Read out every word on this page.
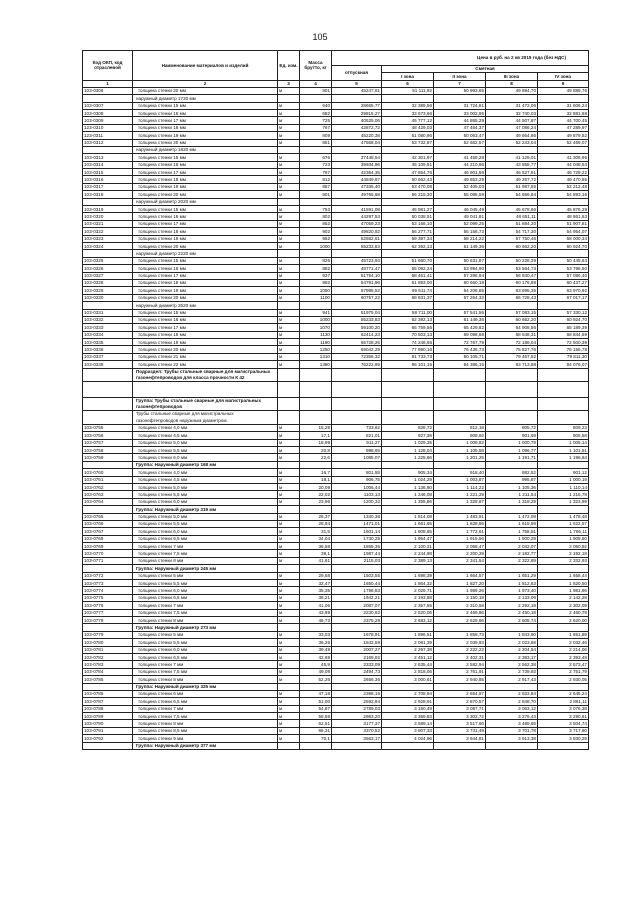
105
Код ОКП, код отраслевой	Наименование материалов и изделий	Ед. изм.	Масса брутто, кг	Цена в руб. на 2 кв 2015 года (без НДС)				
				отпускная	Сметная			
					I зона	II зона	III зона	IV зона
1	2	3	4	5	6	7	8	9
103-0306	толщина стенки 20 мм	м	801	45247,61	51 111,92	50 993,85	49 894,70	49 889,76
	наружный диаметр 1720 мм							
103-0307	толщина стенки 15 мм	м	640	28665,77	32 389,56	31 724,81	31 472,06	31 606,24
103-0308	толщина стенки 16 мм	м	682	29815,27	33 673,66	33 002,95	32 740,03	32 881,68
103-0309	толщина стенки 17 мм	м	725	40525,06	45 777,12	44 865,29	44 507,87	44 700,45
123-0310	толщина стенки 18 мм	м	767	42872,72	48 429,03	47 464,37	47 086,24	47 289,97
123-0311	толщина стенки 19 мм	м	809	45220,38	51 080,96	50 063,47	49 664,66	49 879,52
103-0312	толщина стенки 20 мм	м	851	47568,04	53 732,87	52 662,57	52 243,04	52 469,07
	наружный диаметр 1820 мм							
103-0313	толщина стенки 15 мм	м	676	37448,54	42 301,97	41 459,28	41 129,01	41 306,95
103-0314	толщина стенки 16 мм	м	723	39934,96	45 109,51	44 210,86	43 858,77	44 048,54
103-0315	толщина стенки 17 мм	м	767	42364,35	47 854,76	46 901,56	46 527,91	46 729,22
103-0316	толщина стенки 18 мм	м	812	44849,67	50 662,43	49 653,29	49 257,72	49 470,85
103-0317	толщина стенки 19 мм	м	857	47335,40	53 470,08	52 405,03	51 987,55	52 212,48
103-0318	толщина стенки 20 мм	м	901	49765,68	56 215,30	55 095,59	54 656,64	54 893,16
	наружный диаметр 2020 мм							
103-0319	толщина стенки 15 мм	м	753	41591,08	46 981,27	46 045,49	45 678,66	45 876,29
103-0320	толщина стенки 16 мм	м	802	44297,53	50 038,51	49 041,81	48 651,11	48 861,63
103-0321	толщина стенки 17 мм	м	852	47059,23	53 158,10	52 099,25	51 684,20	51 907,81
103-0322	толщина стенки 18 мм	м	902	49820,92	56 277,71	55 156,73	54 717,30	54 954,07
103-0323	толщина стенки 19 мм	м	952	52582,61	59 397,34	58 214,22	57 750,46	58 000,34
103-0324	толщина стенки 20 мм	м	1000	55233,83	62 392,13	61 149,36	60 662,20	60 924,70
	наружный диаметр 2220 мм							
103-0325	толщина стенки 15 мм	м	826	45723,93	51 660,70	50 631,87	50 228,29	50 445,64
103-0326	толщина стенки 16 мм	м	882	48771,47	55 092,24	53 994,90	53 564,73	53 796,50
103-0327	толщина стенки 17 мм	м	937	51754,10	58 461,41	57 296,94	56 840,47	57 086,40
103-0328	толщина стенки 18 мм	м	992	54791,96	61 893,00	60 660,18	60 176,89	60 437,27
103-0329	толщина стенки 19 мм	м	1050	57995,52	65 511,74	64 206,85	63 695,35	63 970,92
103-0330	толщина стенки 20 мм	м	1100	60757,22	68 631,37	67 264,32	66 728,43	67 017,17
	наружный диаметр 2520 мм							
103-0331	толщина стенки 15 мм	м	941	51975,04	58 711,00	57 541,56	57 083,15	57 330,12
103-0332	толщина стенки 16 мм	м	1000	55233,83	62 392,13	61 149,36	60 662,20	60 924,70
103-0333	толщина стенки 17 мм	м	1070	59100,20	66 759,56	65 429,82	64 908,56	65 189,39
103-0334	толщина стенки 18 мм	м	1130	62414,23	70 503,13	69 098,68	68 548,31	68 844,59
103-0335	толщина стенки 19 мм	м	1190	65728,26	74 246,65	72 767,79	72 188,04	72 500,39
103-0336	толщина стенки 20 мм	м	1250	69042,29	77 990,16	76 436,73	75 827,76	76 155,78
103-0337	толщина стенки 21 мм	м	1310	72356,32	81 733,73	80 105,71	79 467,52	79 811,30
103-0338	толщина стенки 22 мм	м	1380	76222,69	86 101,15	84 386,15	83 713,88	84 076,07
	Подраздел: Трубы стальные сварные для магистральных газонефтепроводов для класса прочности К 42							

	Группа: Трубы стальные сварные для магистральных газонефтепроводов							
	Трубы стальные сварные для магистральных газонефтепроводов наружным диаметром.							
103-0755	толщина стенки 4,0 мм	м	15,28	733,62	828,72	812,18	805,72	809,23
103-0756	толщина стенки 4,5 мм	м	17,1	821,01	927,38	908,92	901,69	905,58
103-0757	толщина стенки 5,0 мм	м	18,99	911,27	1 029,35	1 008,82	1 000,79	1 005,14
103-0758	толщина стенки 5,5 мм	м	20,8	998,65	1 128,04	1 105,58	1 096,77	1 101,51
103-0759	толщина стенки 6,0 мм	м	22,6	1085,07	1 225,66	1 201,25	1 191,71	1 196,84
	Группа: Наружный диаметр 168 мм							
103-0760	толщина стенки 4,0 мм	м	16,7	801,58	905,34	918,40	882,52	901,12
103-0761	толщина стенки 4,5 мм	м	18,1	906,75	1 024,29	1 003,87	995,87	1 000,19
103-0762	толщина стенки 5,0 мм	м	20,09	1006,44	1 136,90	1 114,22	1 105,36	1 110,14
103-0763	толщина стенки 5,5 мм	м	22,02	1103,13	1 246,08	1 221,29	1 211,54	1 216,78
103-0764	толщина стенки 6,0 мм	м	23,96	1200,32	1 355,86	1 328,87	1 318,29	1 323,99
	Группа: Наружный диаметр 219 мм							
103-0765	толщина стенки 5,0 мм	м	26,37	1340,38	1 514,08	1 483,91	1 472,08	1 478,48
103-0766	толщина стенки 5,5 мм	м	28,94	1471,01	1 661,65	1 628,56	1 615,59	1 622,57
103-0767	толщина стенки 6,0 мм	м	31,5	1601,14	1 808,65	1 772,61	1 758,51	1 766,11
103-0768	толщина стенки 6,5 мм	м	34,04	1730,25	1 954,47	1 915,56	1 900,29	1 908,50
103-0769	толщина стенки 7 мм	м	36,58	1859,35	2 100,31	2 058,47	2 042,07	2 050,92
103-0770	толщина стенки 7,5 мм	м	39,1	1987,44	2 244,98	2 200,28	2 182,77	2 192,18
103-0771	толщина стенки 8 мм	м	41,61	2115,03	2 389,13	2 341,54	2 322,89	2 332,93
	Группа: Наружный диаметр 245 мм							
103-0772	толщина стенки 5 мм	м	29,58	1503,55	1 698,39	1 664,57	1 651,29	1 658,44
103-0773	толщина стенки 5,5 мм	м	32,47	1650,44	1 864,32	1 827,20	1 812,63	1 820,50
103-0774	толщина стенки 6,0 мм	м	35,35	1796,83	2 029,71	1 989,26	1 973,40	1 981,96
103-0775	толщина стенки 6,5 мм	м	38,21	1942,21	2 193,88	2 150,19	2 133,09	2 142,28
103-0776	толщина стенки 7 мм	м	41,06	2087,07	2 357,55	2 310,58	2 292,19	2 302,09
103-0777	толщина стенки 7,5 мм	м	43,89	2230,92	2 520,06	2 469,86	2 450,18	2 460,79
103-0778	толщина стенки 8 мм	м	46,73	2375,28	2 683,12	2 629,66	2 608,74	2 620,00
	Группа: Наружный диаметр 273 мм							
103-0779	толщина стенки 5 мм	м	33,03	1678,91	1 896,51	1 858,73	1 843,90	1 851,89
103-0780	толщина стенки 5,5 мм	м	36,25	1842,59	2 081,39	2 039,93	2 023,68	2 032,46
103-0781	толщина стенки 6,0 мм	м	39,49	2007,27	2 267,38	2 222,22	2 204,54	2 214,06
103-0782	толщина стенки 6,5 мм	м	42,69	2169,92	2 451,12	2 402,31	2 383,17	2 393,48
103-0783	толщина стенки 7 мм	м	45,9	2333,09	2 635,44	2 582,94	2 562,38	2 573,47
103-0784	толщина стенки 7,5 мм	м	49,08	2494,73	2 818,06	2 761,91	2 739,93	2 751,79
103-0785	толщина стенки 8 мм	м	52,26	2656,36	3 000,61	2 940,85	2 917,43	2 930,05
	Группа: Наружный диаметр 325 мм							
103-0786	толщина стенки 6 мм	м	47,18	2398,15	2 708,94	2 654,97	2 633,84	2 645,24
103-0787	толщина стенки 6,5 мм	м	51,00	2592,84	2 928,91	2 870,57	2 848,70	2 861,11
103-0788	толщина стенки 7 мм	м	54,87	2789,03	3 150,49	3 087,71	3 063,12	3 076,38
103-0789	толщина стенки 7,5 мм	м	58,69	2983,20	3 369,83	3 302,72	3 276,43	3 290,61
103-0790	толщина стенки 8 мм	м	62,51	3177,37	3 589,14	3 517,66	3 489,65	3 504,74
103-0791	толщина стенки 8,5 мм	м	66,31	3370,52	3 807,33	3 731,49	3 701,78	3 717,80
103-0792	толщина стенки 9 мм	м	70,1	3563,17	4 024,96	3 944,81	3 913,38	3 930,29
	Группа: Наружный диаметр 377 мм							
